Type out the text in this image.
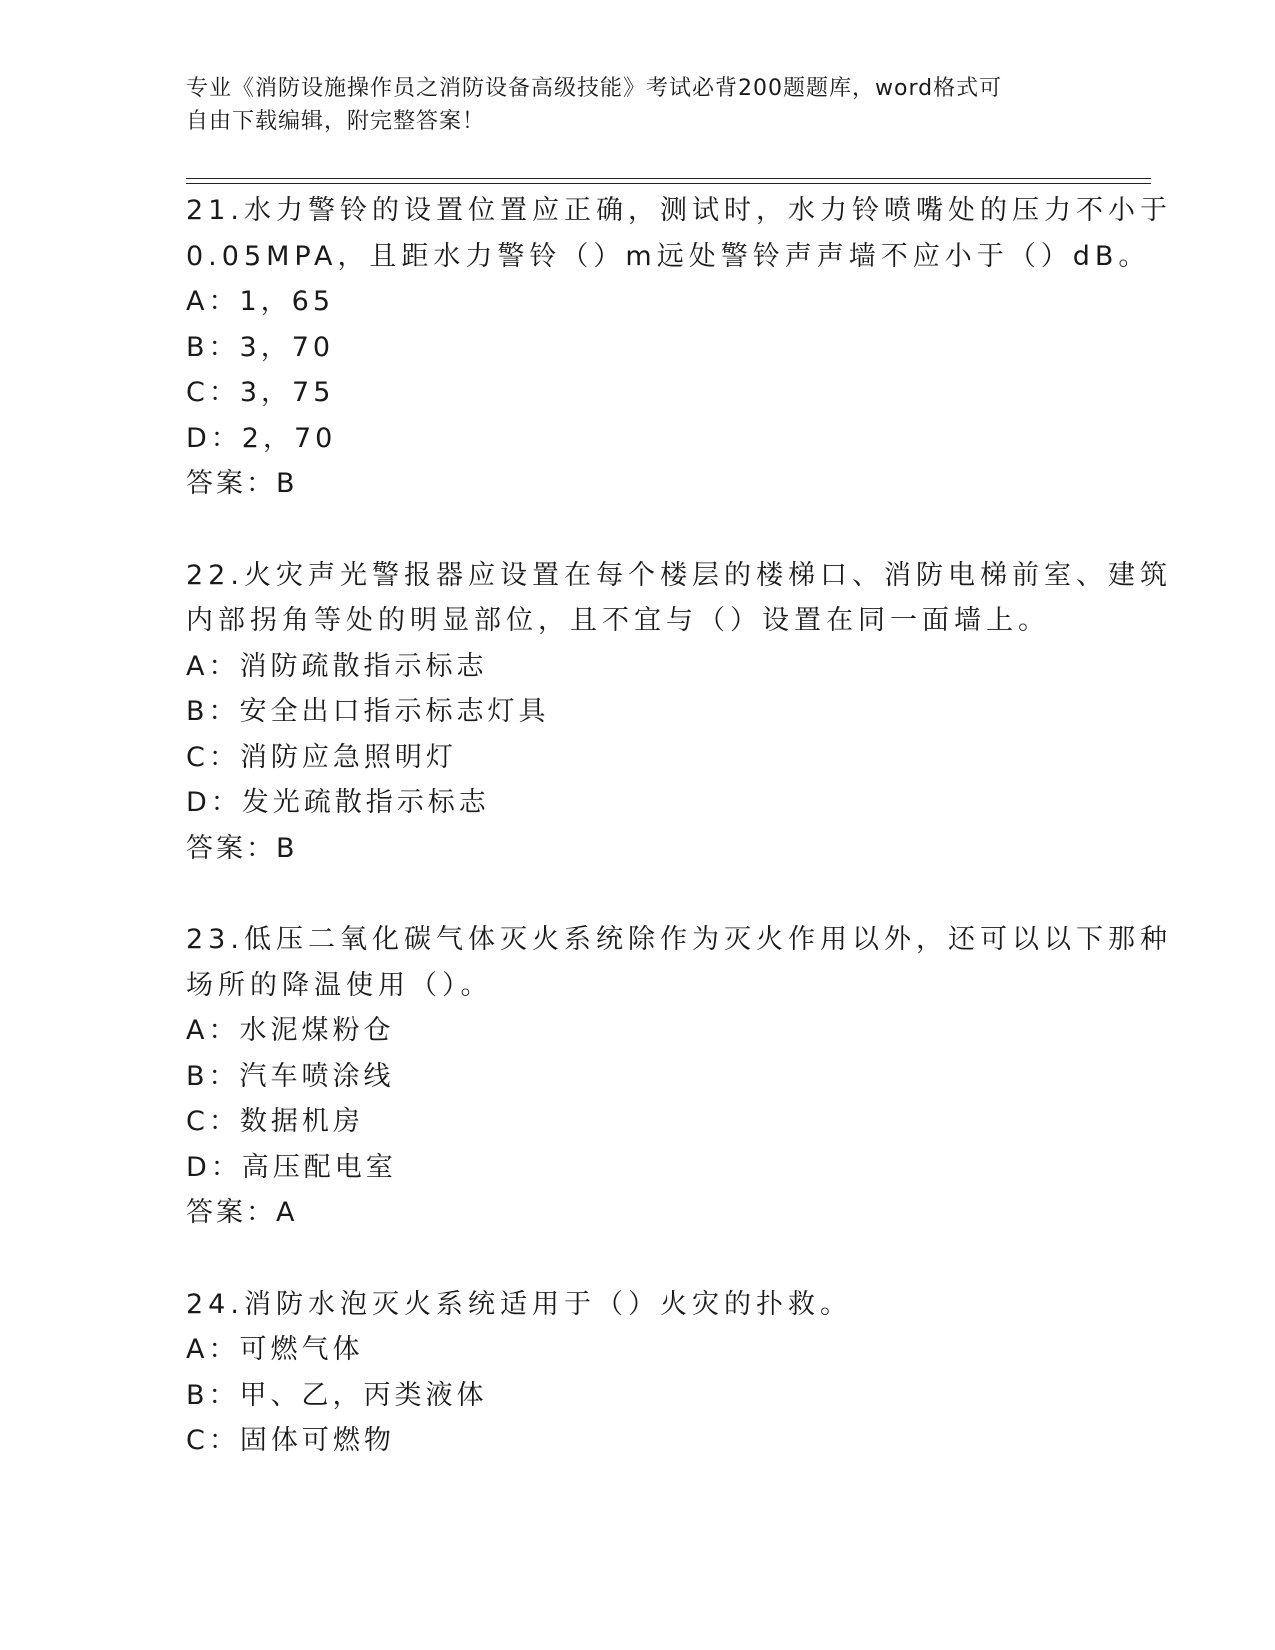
专业《消防设施操作员之消防设备高级技能》考试必背200题题库，word格式可
自由下载编辑，附完整答案！
21.水力警铃的设置位置应正确，测试时，水力铃喷嘴处的压力不小于
0.05MPA，且距水力警铃（）m远处警铃声声墙不应小于（）dB。
A：1，65
B：3，70
C：3，75
D：2，70
答案：B
22.火灾声光警报器应设置在每个楼层的楼梯口、消防电梯前室、建筑
内部拐角等处的明显部位，且不宜与（）设置在同一面墙上。
A：消防疏散指示标志
B：安全出口指示标志灯具
C：消防应急照明灯
D：发光疏散指示标志
答案：B
23.低压二氧化碳气体灭火系统除作为灭火作用以外，还可以以下那种
场所的降温使用（）。
A：水泥煤粉仓
B：汽车喷涂线
C：数据机房
D：高压配电室
答案：A
24.消防水泡灭火系统适用于（）火灾的扑救。
A：可燃气体
B：甲、乙，丙类液体
C：固体可燃物
